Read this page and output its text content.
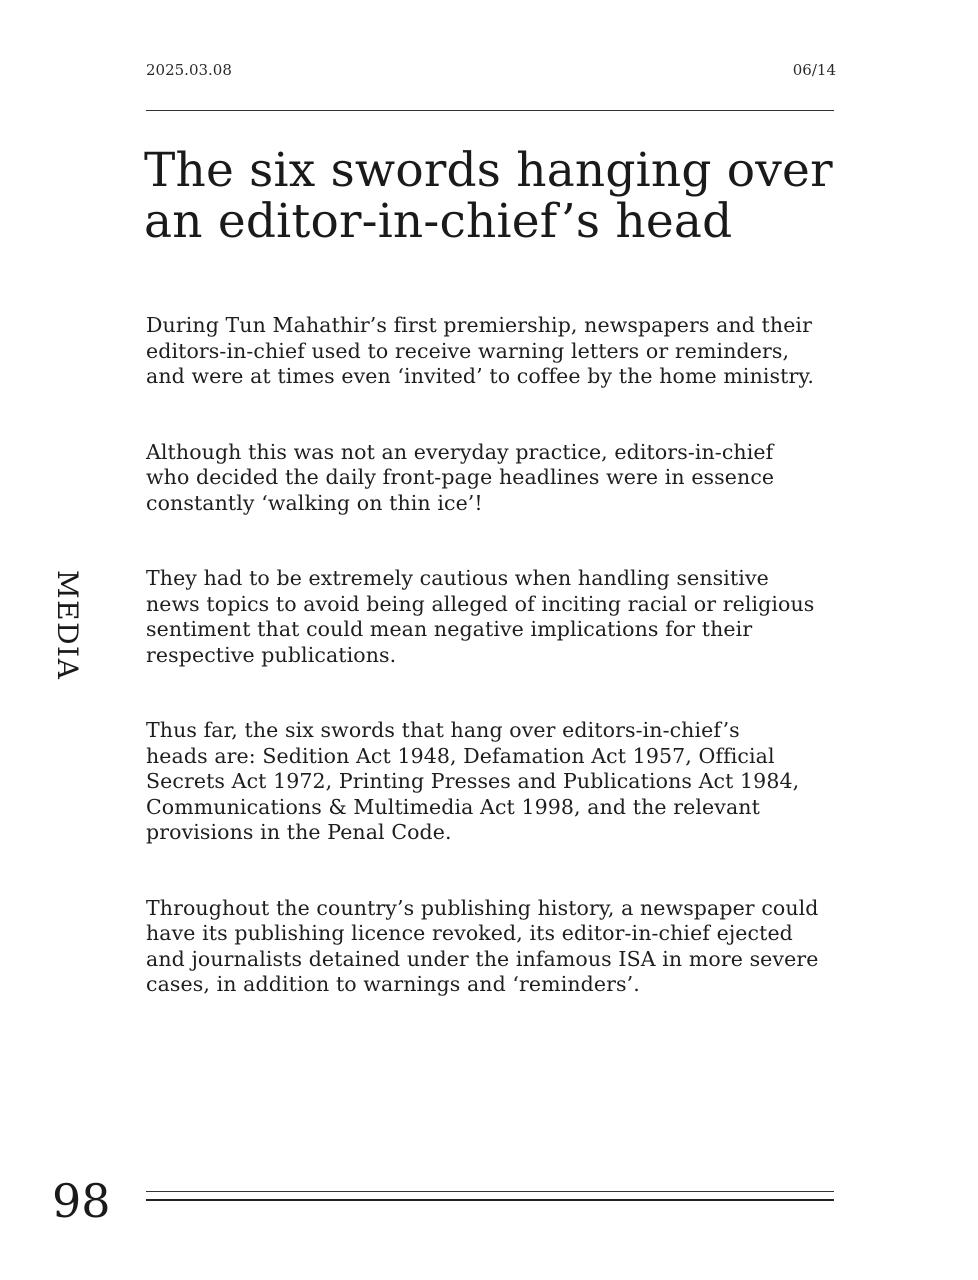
2025.03.08	06/14
The six swords hanging over
an editor-in-chief’s head

During Tun Mahathir’s first premiership, newspapers and their
editors-in-chief used to receive warning letters or reminders,
and were at times even ‘invited’ to coffee by the home ministry.

Although this was not an everyday practice, editors-in-chief
who decided the daily front-page headlines were in essence
constantly ‘walking on thin ice’!

They had to be extremely cautious when handling sensitive
news topics to avoid being alleged of inciting racial or religious
sentiment that could mean negative implications for their
respective publications.

Thus far, the six swords that hang over editors-in-chief’s
heads are: Sedition Act 1948, Defamation Act 1957, Official
Secrets Act 1972, Printing Presses and Publications Act 1984,
Communications & Multimedia Act 1998, and the relevant
provisions in the Penal Code.

Throughout the country’s publishing history, a newspaper could
have its publishing licence revoked, its editor-in-chief ejected
and journalists detained under the infamous ISA in more severe
cases, in addition to warnings and ‘reminders’.

MEDIA
98
